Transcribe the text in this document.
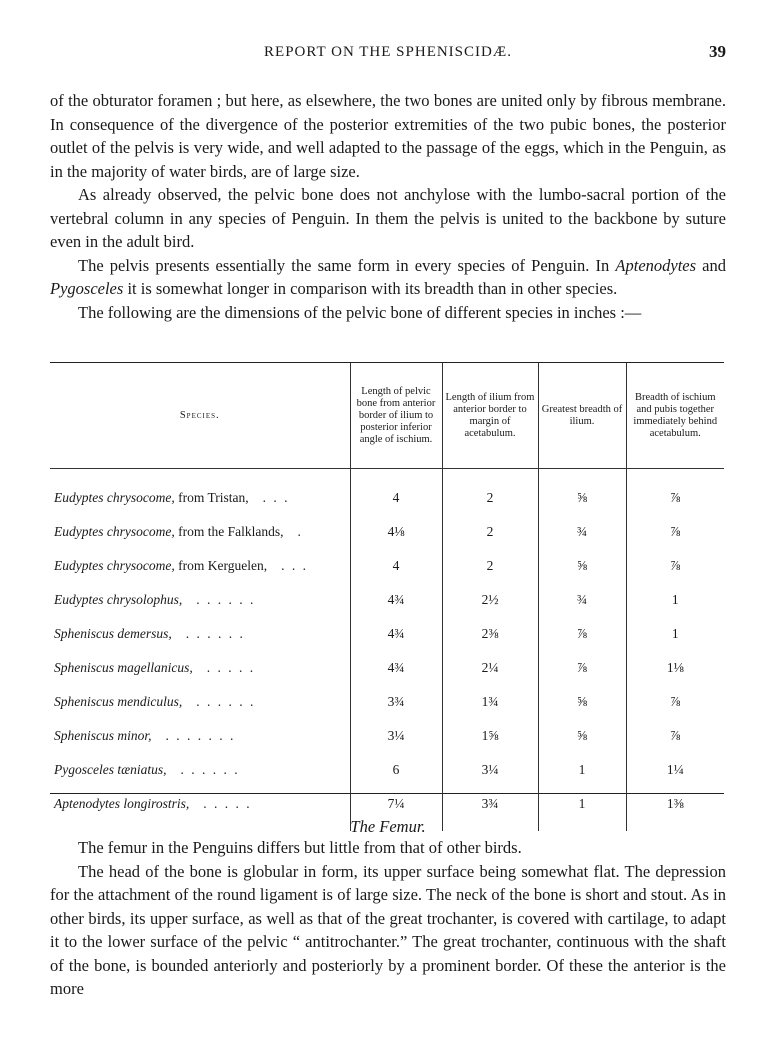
REPORT ON THE SPHENISCIDÆ.	39

of the obturator foramen ; but here, as elsewhere, the two bones are united only by fibrous membrane. In consequence of the divergence of the posterior extremities of the two pubic bones, the posterior outlet of the pelvis is very wide, and well adapted to the passage of the eggs, which in the Penguin, as in the majority of water birds, are of large size.

As already observed, the pelvic bone does not anchylose with the lumbo-sacral portion of the vertebral column in any species of Penguin. In them the pelvis is united to the backbone by suture even in the adult bird.

The pelvis presents essentially the same form in every species of Penguin. In Aptenodytes and Pygosceles it is somewhat longer in comparison with its breadth than in other species.

The following are the dimensions of the pelvic bone of different species in inches :—

Species.	Length of pelvic bone from anterior border of ilium to posterior inferior angle of ischium.	Length of ilium from anterior border to margin of acetabulum.	Greatest breadth of ilium.	Breadth of ischium and pubis together immediately behind acetabulum.

Eudyptes chrysocome, from Tristan, . . .	4	2	⅝	⅞
Eudyptes chrysocome, from the Falklands, .	4⅛	2	¾	⅞
Eudyptes chrysocome, from Kerguelen, . . .	4	2	⅝	⅞
Eudyptes chrysolophus, . . . . . .	4¾	2½	¾	1
Spheniscus demersus, . . . . . .	4¾	2⅜	⅞	1
Spheniscus magellanicus, . . . . .	4¾	2¼	⅞	1⅛
Spheniscus mendiculus, . . . . . .	3¾	1¾	⅝	⅞
Spheniscus minor, . . . . . . .	3¼	1⅝	⅝	⅞
Pygosceles tæniatus, . . . . . .	6	3¼	1	1¼
Aptenodytes longirostris, . . . . .	7¼	3¾	1	1⅜

The Femur.

The femur in the Penguins differs but little from that of other birds.

The head of the bone is globular in form, its upper surface being somewhat flat. The depression for the attachment of the round ligament is of large size. The neck of the bone is short and stout. As in other birds, its upper surface, as well as that of the great trochanter, is covered with cartilage, to adapt it to the lower surface of the pelvic “ antitrochanter.” The great trochanter, continuous with the shaft of the bone, is bounded anteriorly and posteriorly by a prominent border. Of these the anterior is the more
